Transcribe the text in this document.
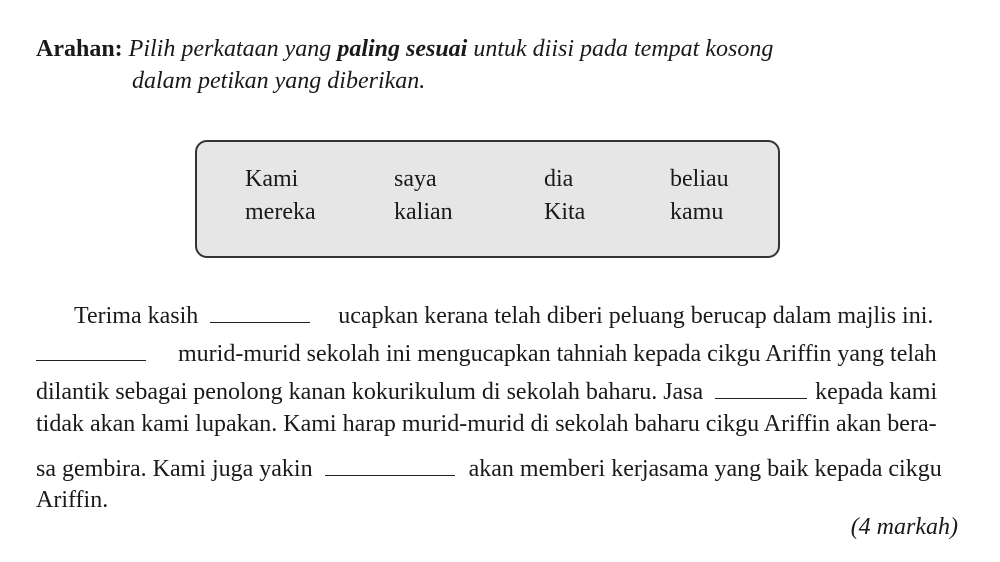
Arahan: Pilih perkataan yang paling sesuai untuk diisi pada tempat kosong
dalam petikan yang diberikan.
Kami	saya	dia	beliau
mereka	kalian	Kita	kamu
Terima kasih	ucapkan kerana telah diberi peluang berucap dalam majlis ini.
murid-murid sekolah ini mengucapkan tahniah kepada cikgu Ariffin yang telah
dilantik sebagai penolong kanan kokurikulum di sekolah baharu. Jasa	kepada kami
tidak akan kami lupakan. Kami harap murid-murid di sekolah baharu cikgu Ariffin akan bera-
sa gembira. Kami juga yakin	akan memberi kerjasama yang baik kepada cikgu
Ariffin.
(4 markah)
